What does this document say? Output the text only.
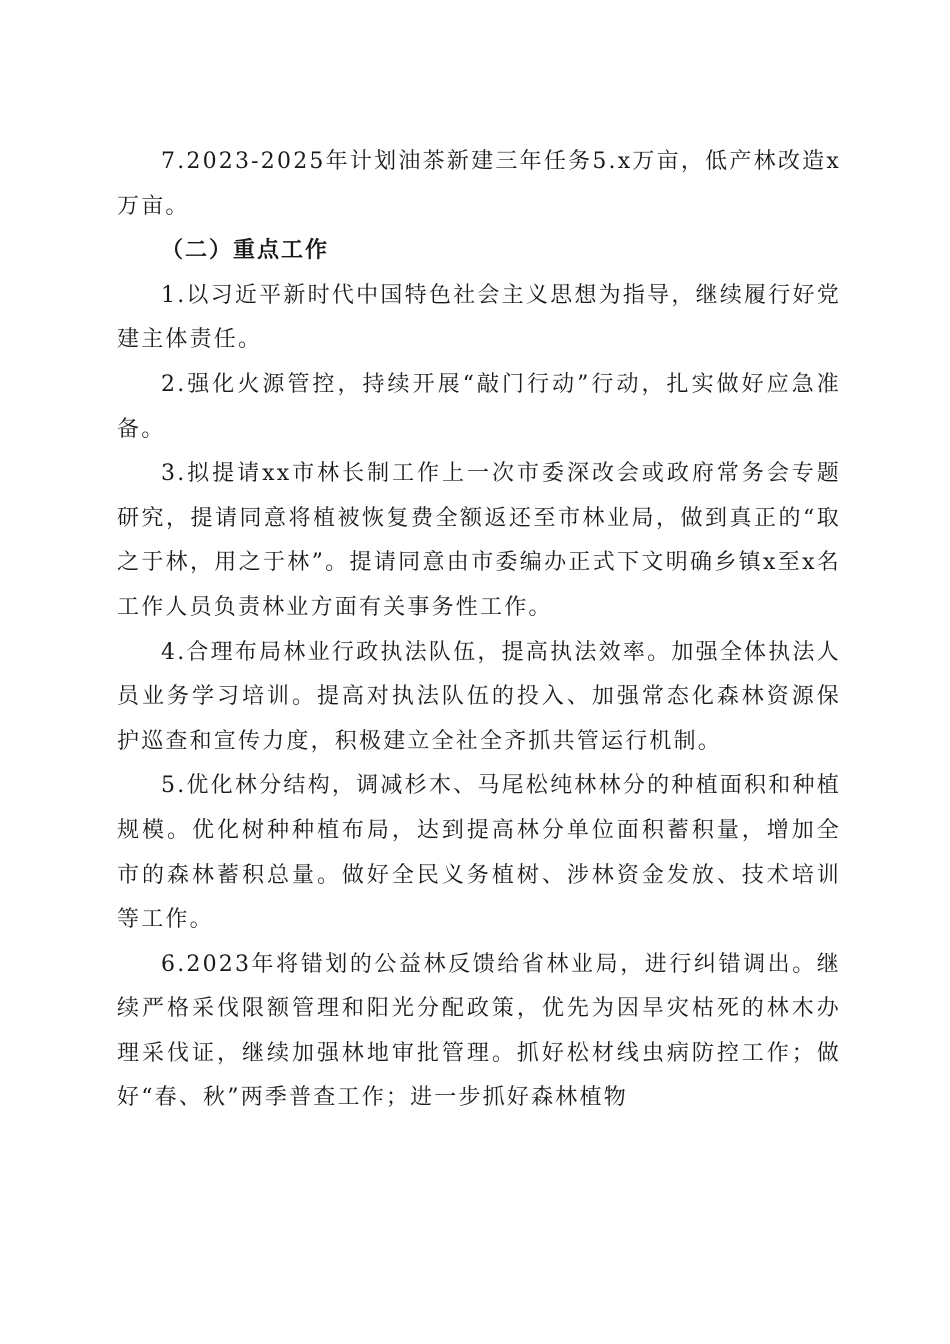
7.2023-2025年计划油茶新建三年任务5.x万亩，低产林改造x万亩。

（二）重点工作

1.以习近平新时代中国特色社会主义思想为指导，继续履行好党建主体责任。

2.强化火源管控，持续开展“敲门行动”行动，扎实做好应急准备。

3.拟提请xx市林长制工作上一次市委深改会或政府常务会专题研究，提请同意将植被恢复费全额返还至市林业局，做到真正的“取之于林，用之于林”。提请同意由市委编办正式下文明确乡镇x至x名工作人员负责林业方面有关事务性工作。

4.合理布局林业行政执法队伍，提高执法效率。加强全体执法人员业务学习培训。提高对执法队伍的投入、加强常态化森林资源保护巡查和宣传力度，积极建立全社全齐抓共管运行机制。

5.优化林分结构，调减杉木、马尾松纯林林分的种植面积和种植规模。优化树种种植布局，达到提高林分单位面积蓄积量，增加全市的森林蓄积总量。做好全民义务植树、涉林资金发放、技术培训等工作。

6.2023年将错划的公益林反馈给省林业局，进行纠错调出。继续严格采伐限额管理和阳光分配政策，优先为因旱灾枯死的林木办理采伐证，继续加强林地审批管理。抓好松材线虫病防控工作；做好“春、秋”两季普查工作；进一步抓好森林植物
